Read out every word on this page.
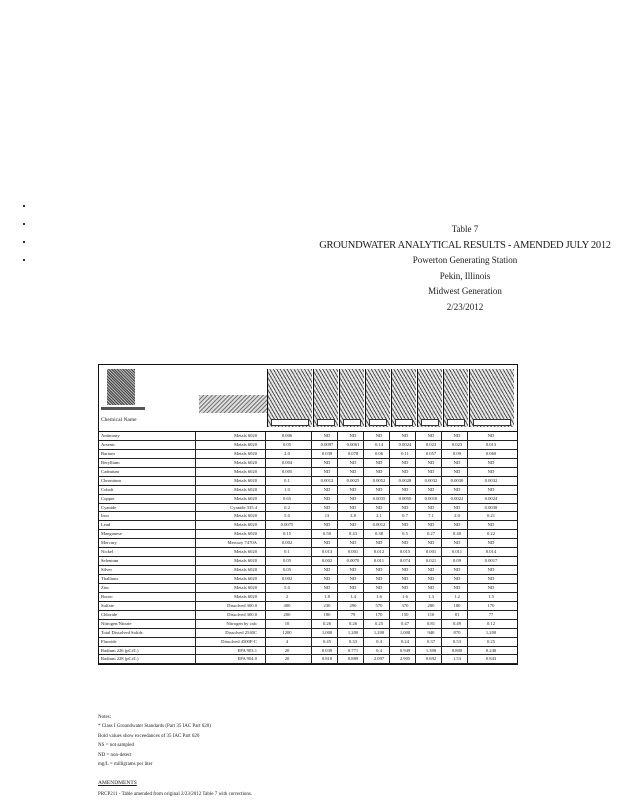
Table 7
GROUNDWATER ANALYTICAL RESULTS - AMENDED JULY 2012
Powerton Generating Station
Pekin, Illinois
Midwest Generation
2/23/2012
Chemical Name
Antimony	Metals 6020	0.006	ND	ND	ND	ND	ND	ND	ND
Arsenic	Metals 6020	0.05	0.0097	0.0061	0.14	0.0024	0.023	0.023	0.013
Barium	Metals 6020	2.0	0.039	0.078	0.06	0.11	0.057	0.09	0.060
Beryllium	Metals 6020	0.004	ND	ND	ND	ND	ND	ND	ND
Cadmium	Metals 6020	0.005	ND	ND	ND	ND	ND	ND	ND
Chromium	Metals 6020	0.1	0.0012	0.0025	0.0052	0.0028	0.0032	0.0030	0.0032
Cobalt	Metals 6020	1.0	ND	ND	ND	ND	ND	ND	ND
Copper	Metals 6020	0.65	ND	ND	0.0035	0.0050	0.0018	0.0022	0.0024
Cyanide	Cyanide 335.4	0.2	ND	ND	ND	ND	ND	ND	0.0038
Iron	Metals 6020	5.0	13	3.8	2.1	0.7	7.1	2.0	0.21
Lead	Metals 6020	0.0075	ND	ND	0.0012	ND	ND	ND	ND
Manganese	Metals 6020	0.15	0.50	0.43	0.38	0.5	0.27	0.40	0.22
Mercury	Mercury 7470A	0.002	ND	ND	ND	ND	ND	ND	ND
Nickel	Metals 6020	0.1	0.013	0.001	0.012	0.015	0.001	0.011	0.014
Selenium	Metals 6020	0.05	0.002	0.0070	0.011	0.074	0.021	0.09	0.0017
Silver	Metals 6020	0.05	ND	ND	ND	ND	ND	ND	ND
Thallium	Metals 6020	0.002	ND	ND	ND	ND	ND	ND	ND
Zinc	Metals 6020	5.0	ND	ND	ND	ND	ND	ND	ND
Boron	Metals 6020	2	1.8	1.4	1.6	1.6	1.3	1.2	1.5
Sulfate	Dissolved 300.0	400	230	290	570	370	280	180	170
Chloride	Dissolved 300.0	200	180	79	170	150	110	81	77
Nitrogen/Nitrate	Nitrogen by calc	10	0.26	0.26	0.25	0.47	0.81	0.49	0.12
Total Dissolved Solids	Dissolved 2540C	1200	1,000	1,200	1,200	1,000	940	870	1,200
Fluoride	Dissolved 4500F-C	4	0.45	0.33	0.4	0.24	0.37	0.53	0.25
Radium 226 (pCi/L)	EPA 903.1	20	0.039	0.771	0.4	0.949	1.390	0.800	0.240
Radium 228 (pCi/L)	EPA 904.0	20	0.810	0.889	2.097	2.905	0.692	1.53	0.843
Notes:
* Class I Groundwater Standards (Part 35 IAC Part 620)
Bold values show exceedances of 35 IAC Part 620
NS = not sampled
ND = non-detect
mg/L = milligrams per liter
AMENDMENTS
PRCP211 - Table amended from original 2/23/2012 Table 7 with corrections.
